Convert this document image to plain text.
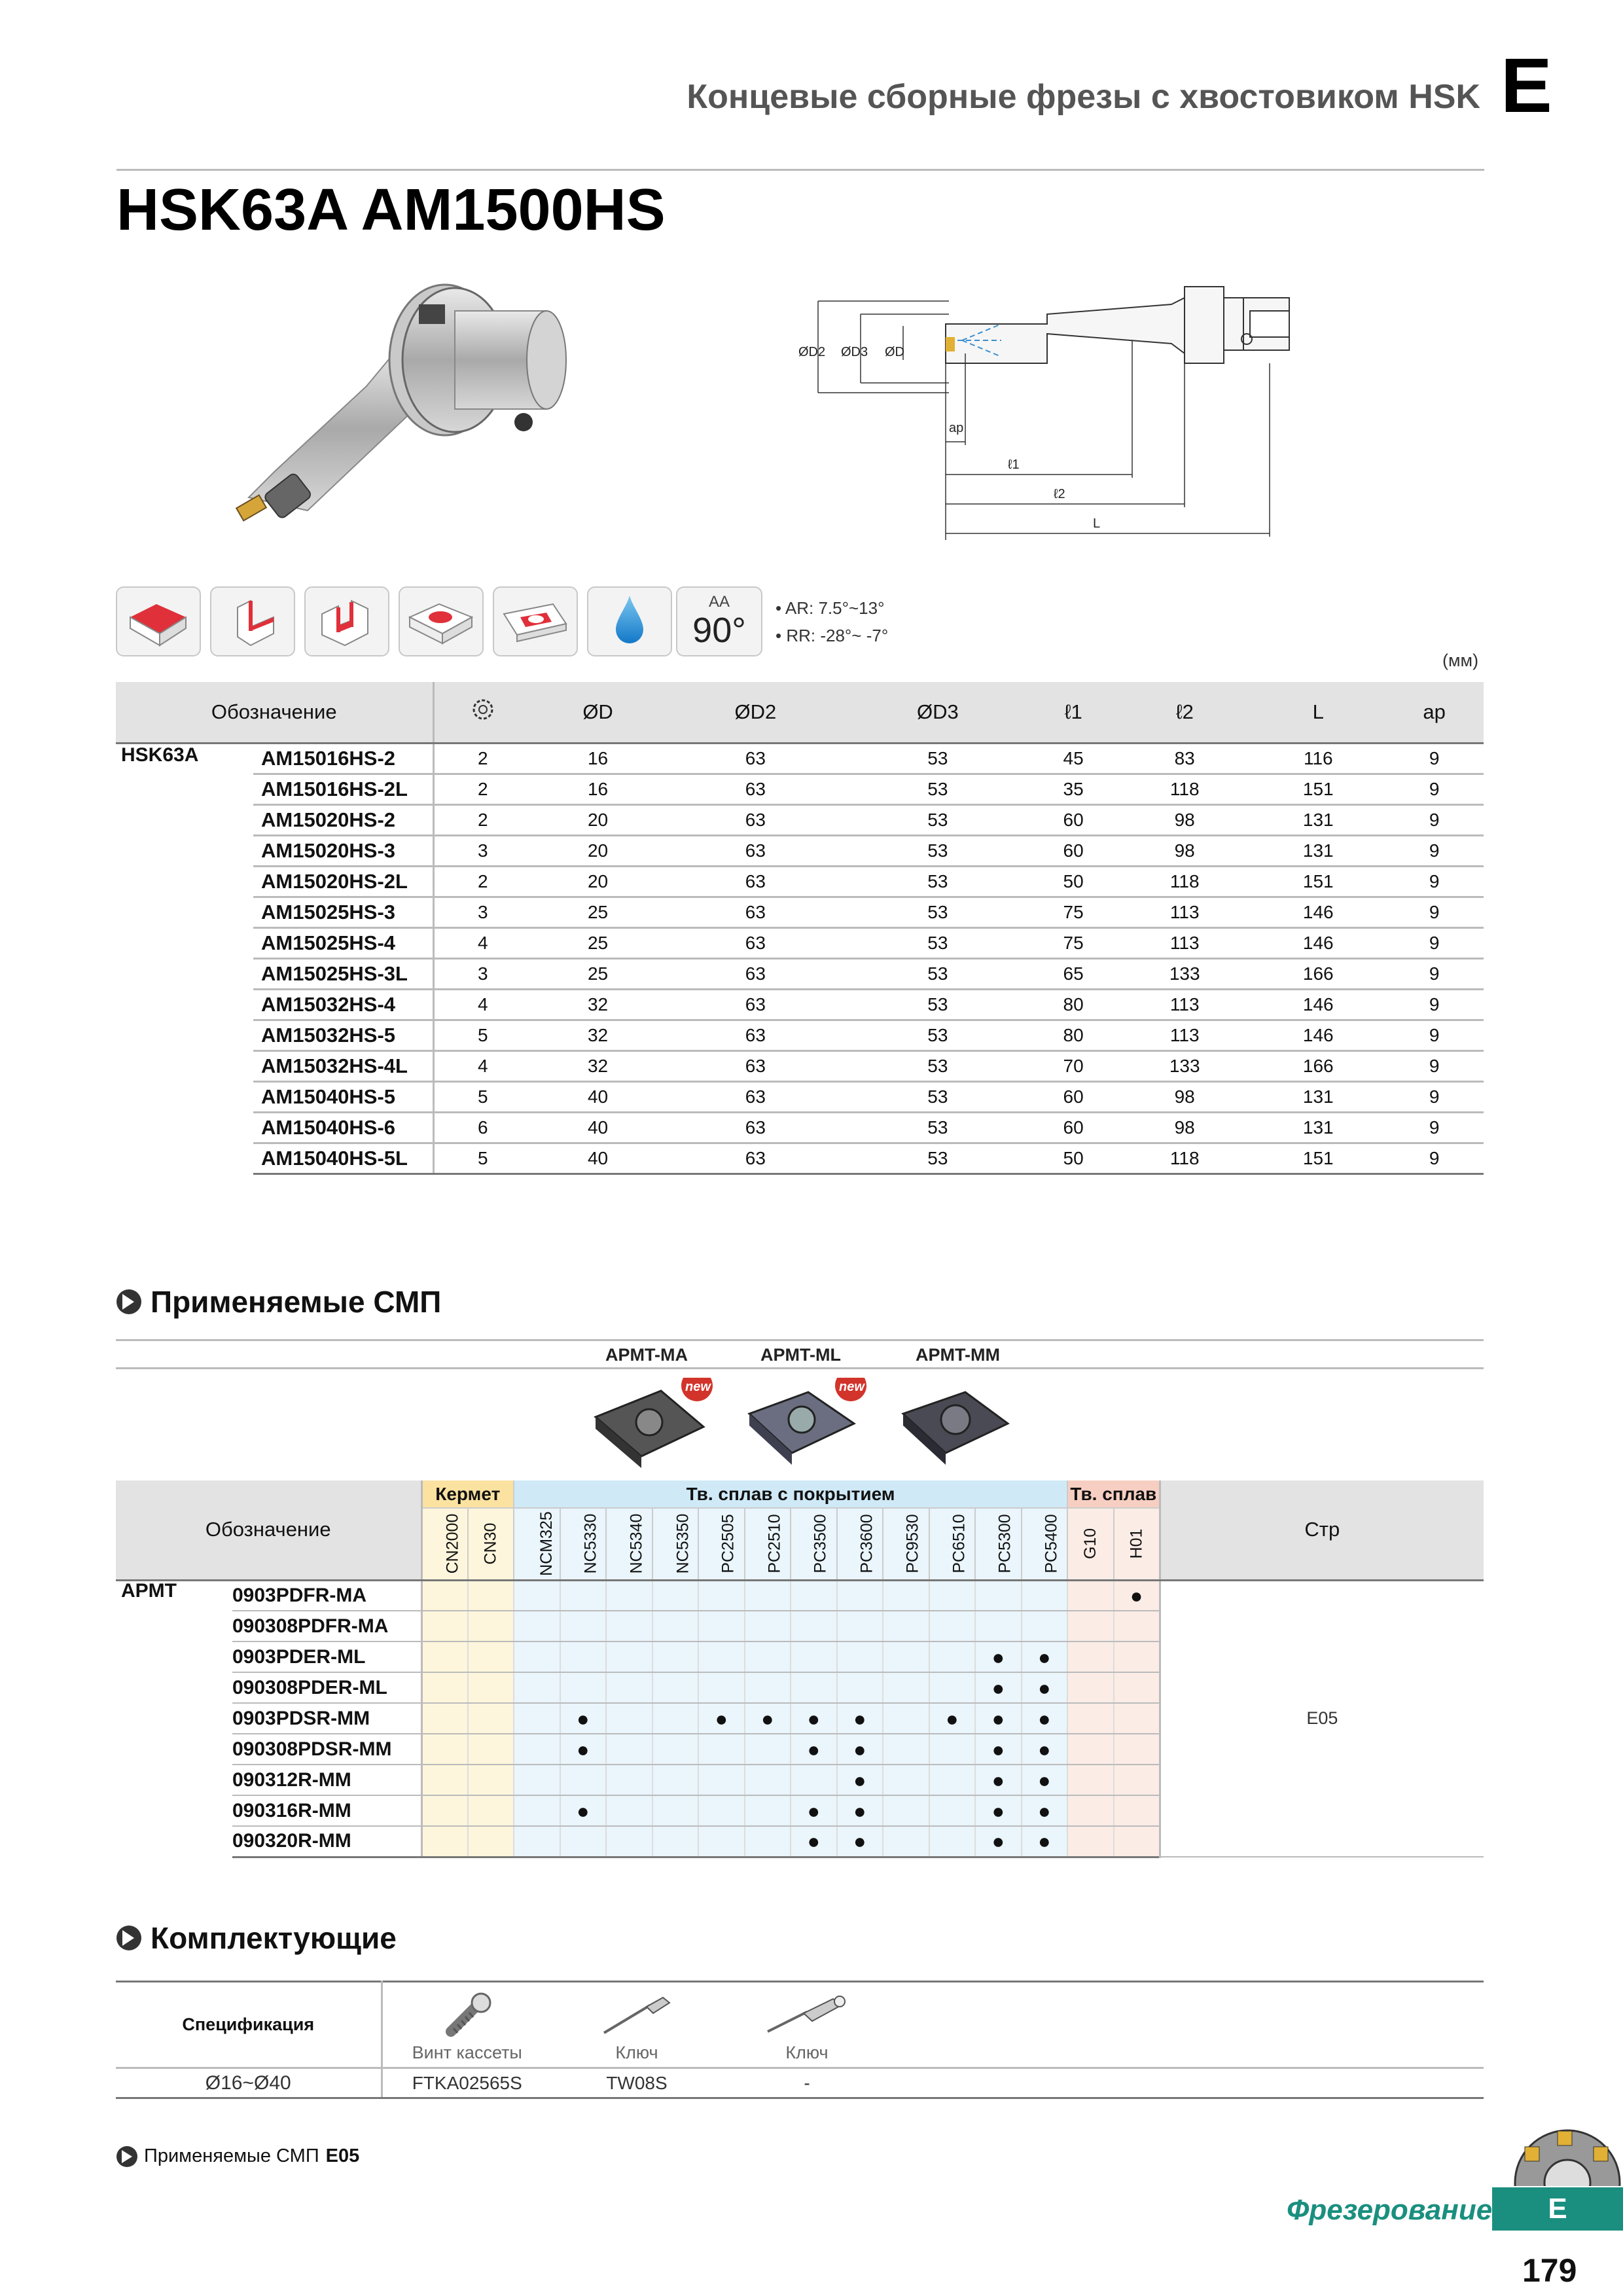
Концевые сборные фрезы с хвостовиком HSK E
HSK63A AM1500HS
ØD2 ØD3 ØD
ap
ℓ1
ℓ2
L
AA
90°
• AR: 7.5°~13°
• RR: -28°~ -7°
(мм)
Обозначение			ØD	ØD2	ØD3	ℓ1	ℓ2	L	ap
HSK63A	AM15016HS-2	2	16	63	53	45	83	116	9
	AM15016HS-2L	2	16	63	53	35	118	151	9
	AM15020HS-2	2	20	63	53	60	98	131	9
	AM15020HS-3	3	20	63	53	60	98	131	9
	AM15020HS-2L	2	20	63	53	50	118	151	9
	AM15025HS-3	3	25	63	53	75	113	146	9
	AM15025HS-4	4	25	63	53	75	113	146	9
	AM15025HS-3L	3	25	63	53	65	133	166	9
	AM15032HS-4	4	32	63	53	80	113	146	9
	AM15032HS-5	5	32	63	53	80	113	146	9
	AM15032HS-4L	4	32	63	53	70	133	166	9
	AM15040HS-5	5	40	63	53	60	98	131	9
	AM15040HS-6	6	40	63	53	60	98	131	9
	AM15040HS-5L	5	40	63	53	50	118	151	9
Применяемые СМП
APMT-MA	APMT-ML	APMT-MM
new	new
Обозначение		Кермет		Тв. сплав с покрытием												Тв. сплав		Стр
		CN2000	CN30	NCM325	NC5330	NC5340	NC5350	PC2505	PC2510	PC3500	PC3600	PC9530	PC6510	PC5300	PC5400	G10	H01	
APMT	0903PDFR-MA																●	E05
	090308PDFR-MA																	
	0903PDER-ML													●	●			
	090308PDER-ML													●	●			
	0903PDSR-MM				●			●	●	●	●		●	●	●			
	090308PDSR-MM				●					●	●			●	●			
	090312R-MM										●			●	●			
	090316R-MM				●					●	●			●	●			
	090320R-MM									●	●			●	●			
Комплектующие
Спецификация	Винт кассеты	Ключ	Ключ	
Ø16~Ø40	FTKA02565S	TW08S	-	
Применяемые СМП E05
Фрезерование	E
179
